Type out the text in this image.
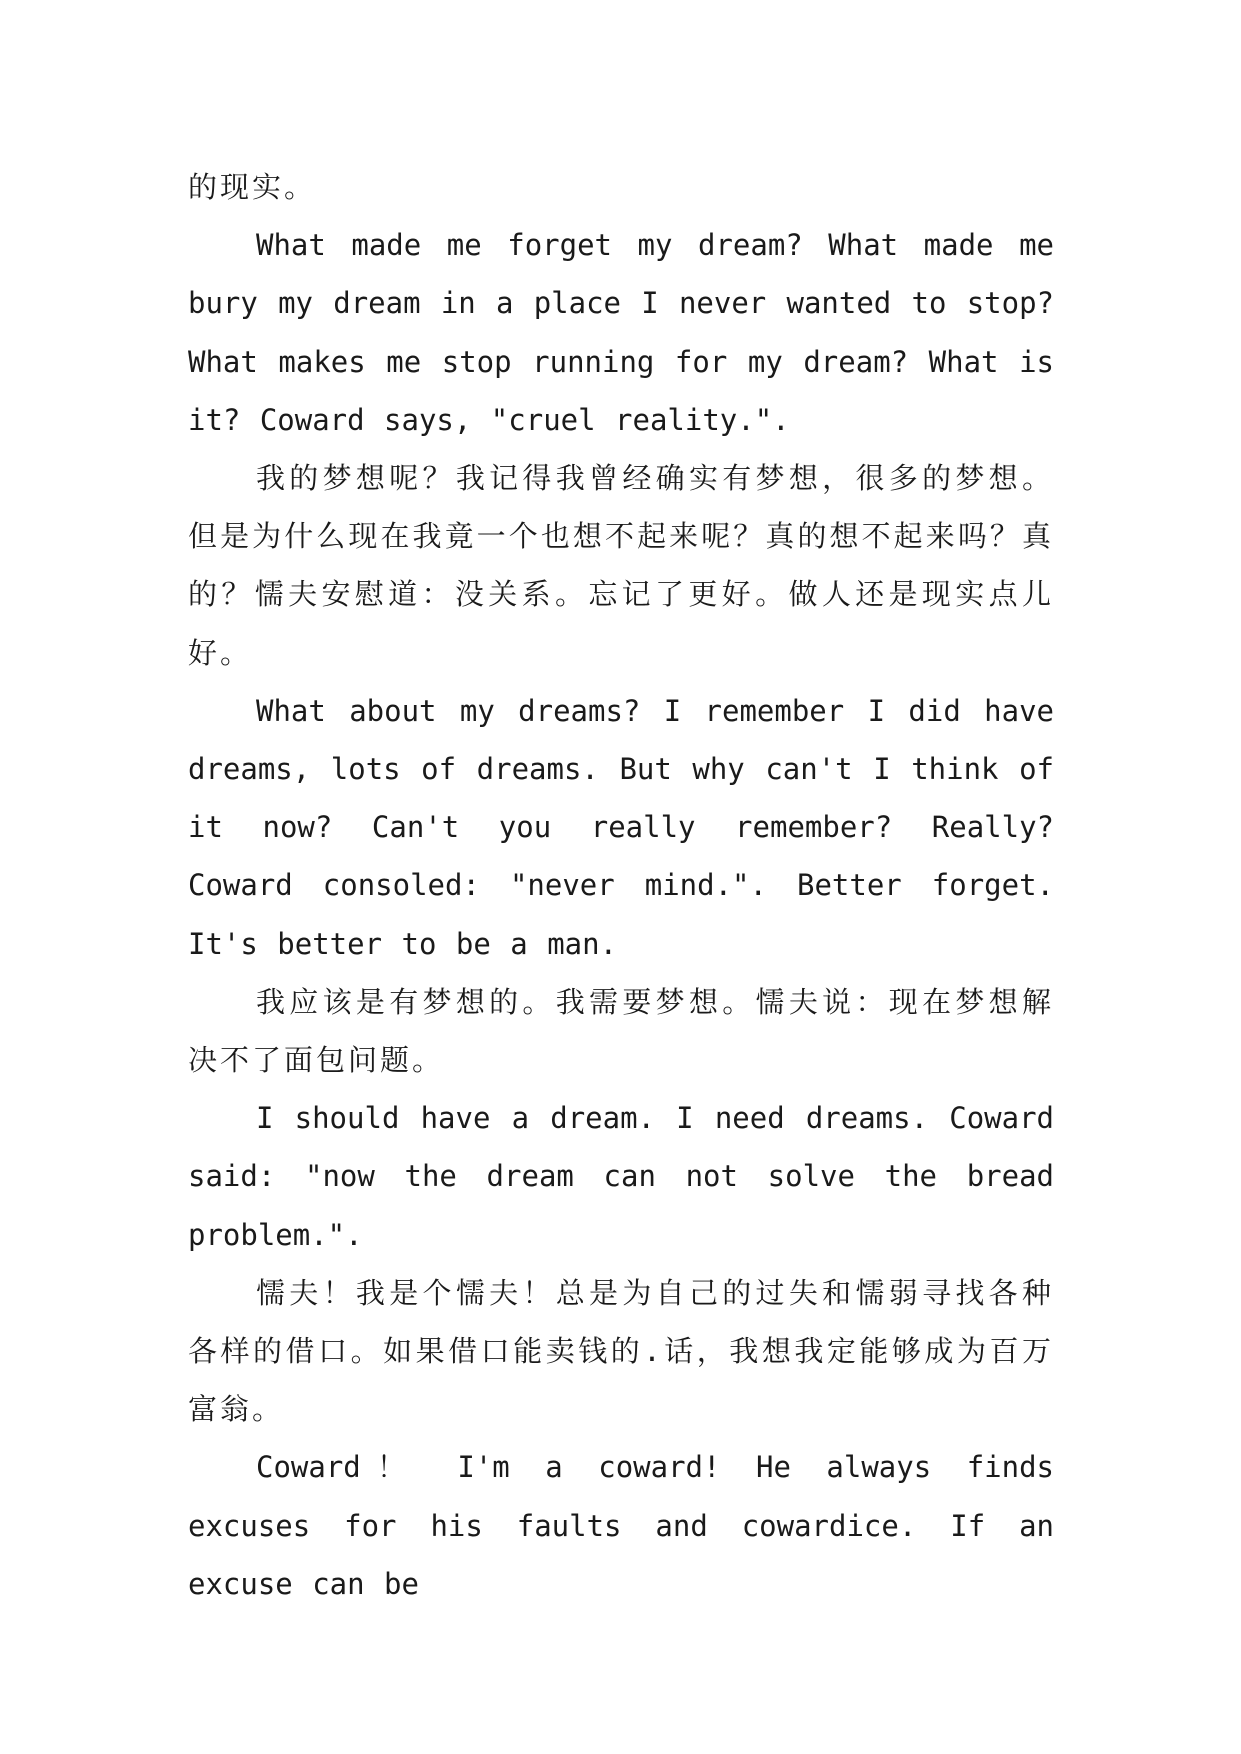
的现实。

What made me forget my dream? What made me bury my dream in a place I never wanted to stop? What makes me stop running for my dream? What is it? Coward says, "cruel reality.".

我的梦想呢？我记得我曾经确实有梦想，很多的梦想。但是为什么现在我竟一个也想不起来呢？真的想不起来吗？真的？懦夫安慰道：没关系。忘记了更好。做人还是现实点儿好。

What about my dreams? I remember I did have dreams, lots of dreams. But why can't I think of it now? Can't you really remember? Really? Coward consoled: "never mind.". Better forget. It's better to be a man.

我应该是有梦想的。我需要梦想。懦夫说：现在梦想解决不了面包问题。

I should have a dream. I need dreams. Coward said: "now the dream can not solve the bread problem.".

懦夫！我是个懦夫！总是为自己的过失和懦弱寻找各种各样的借口。如果借口能卖钱的.话，我想我定能够成为百万富翁。

Coward！ I'm a coward! He always finds excuses for his faults and cowardice. If an excuse can be
